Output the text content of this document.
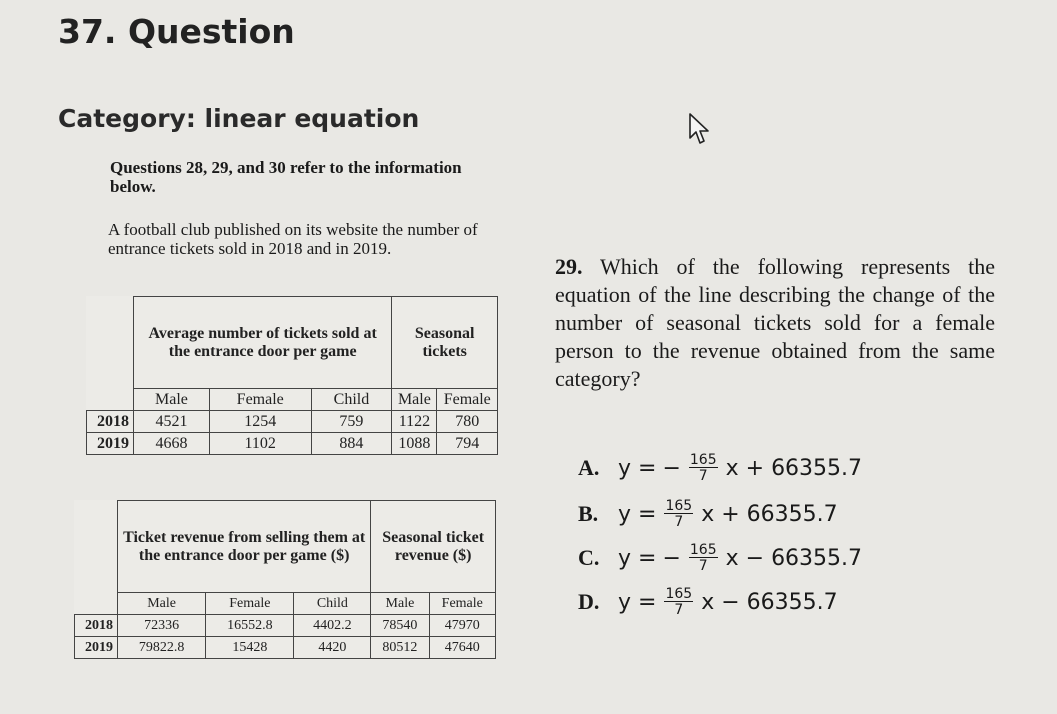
37. Question
Category: linear equation
Questions 28, 29, and 30 refer to the information below.
A football club published on its website the number of entrance tickets sold in 2018 and in 2019.
	Average number of tickets sold at the entrance door per game			Seasonal tickets	
	Male	Female	Child	Male	Female
2018	4521	1254	759	1122	780
2019	4668	1102	884	1088	794
	Ticket revenue from selling them at the entrance door per game ($)			Seasonal ticket revenue ($)	
	Male	Female	Child	Male	Female
2018	72336	16552.8	4402.2	78540	47970
2019	79822.8	15428	4420	80512	47640
29. Which of the following represents the equation of the line describing the change of the number of seasonal tickets sold for a female person to the revenue obtained from the same category?
A. y = − $\frac{165}{7}$ x + 66355.7
B. $y = \frac{165}{7}$ x + 66355.7
C. y = − $\frac{165}{7}$ x − 66355.7
D. $y = \frac{165}{7}$ x − 66355.7
